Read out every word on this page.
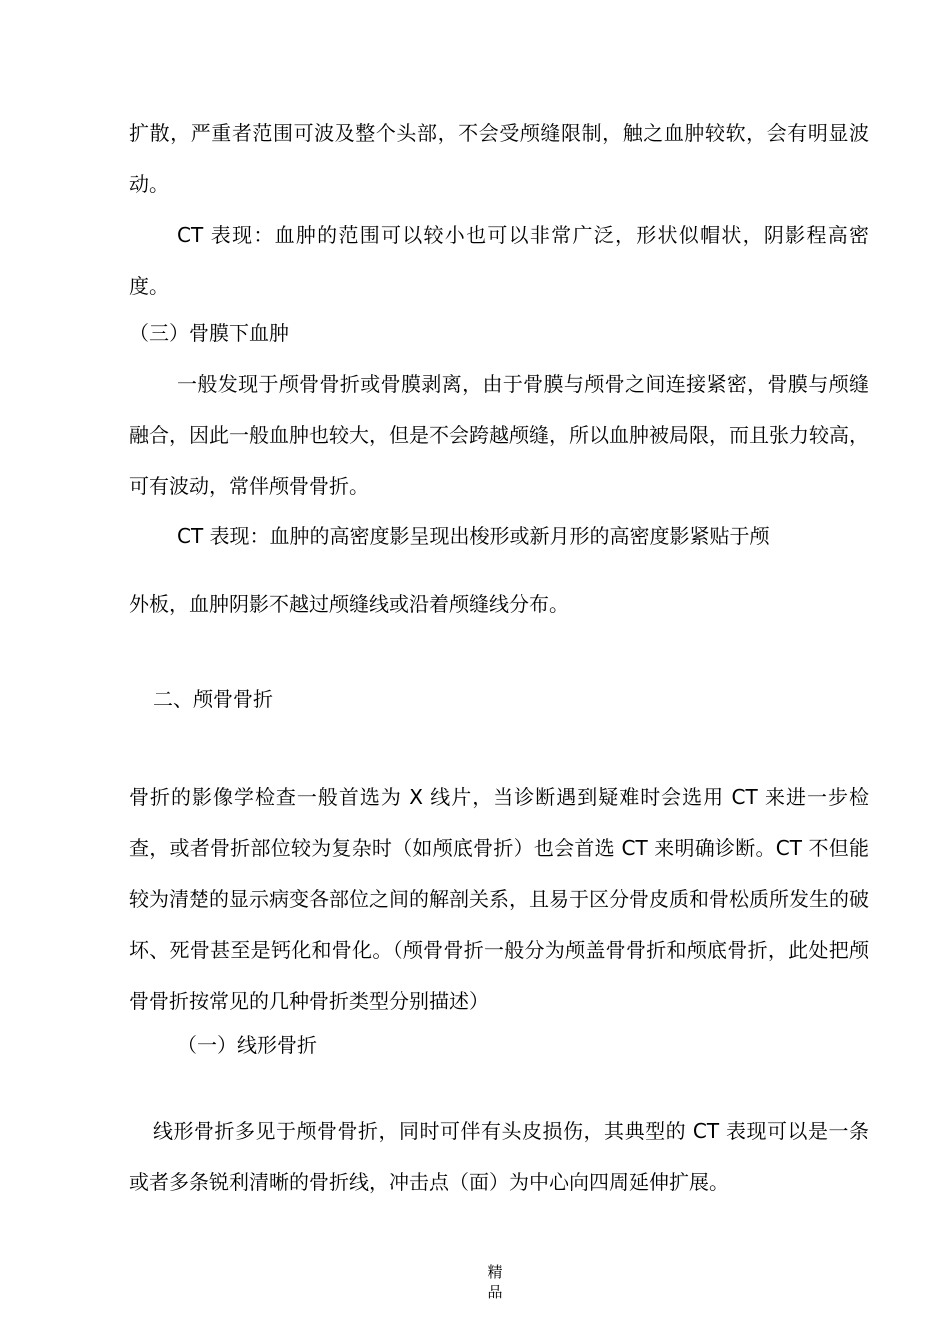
扩散，严重者范围可波及整个头部，不会受颅缝限制，触之血肿较软，会有明显波动。

CT 表现：血肿的范围可以较小也可以非常广泛，形状似帽状，阴影程高密度。

（三）骨膜下血肿

一般发现于颅骨骨折或骨膜剥离，由于骨膜与颅骨之间连接紧密，骨膜与颅缝融合，因此一般血肿也较大，但是不会跨越颅缝，所以血肿被局限，而且张力较高，可有波动，常伴颅骨骨折。

CT 表现：血肿的高密度影呈现出梭形或新月形的高密度影紧贴于颅

外板，血肿阴影不越过颅缝线或沿着颅缝线分布。

二、颅骨骨折

骨折的影像学检查一般首选为 X 线片，当诊断遇到疑难时会选用 CT 来进一步检查，或者骨折部位较为复杂时（如颅底骨折）也会首选 CT 来明确诊断。CT 不但能较为清楚的显示病变各部位之间的解剖关系，且易于区分骨皮质和骨松质所发生的破坏、死骨甚至是钙化和骨化。（颅骨骨折一般分为颅盖骨骨折和颅底骨折，此处把颅骨骨折按常见的几种骨折类型分别描述）

（一）线形骨折

线形骨折多见于颅骨骨折，同时可伴有头皮损伤，其典型的 CT 表现可以是一条或者多条锐利清晰的骨折线，冲击点（面）为中心向四周延伸扩展。

精
品
